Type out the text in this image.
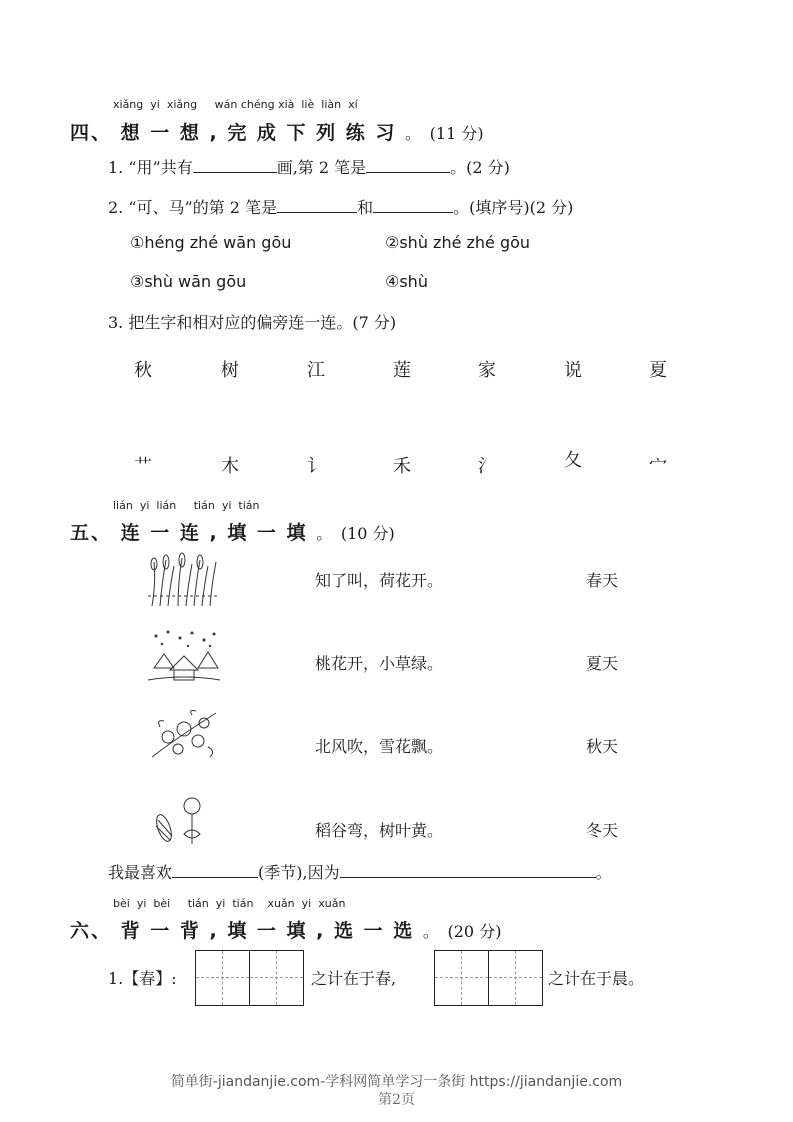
xiǎng yi xiǎng wán chéng xià liè liàn xí
四、 想 一 想 , 完 成 下 列 练 习 。 (11 分)
1. “用”共有	画,第 2 笔是	。(2 分)
2. “可、马”的第 2 笔是	和	。(填序号)(2 分)
①héng zhé wān gōu	②shù zhé zhé gōu
③shù wān gōu	④shù
3. 把生字和相对应的偏旁连一连。(7 分)
秋	树	江	莲	家	说	夏
艹	木	讠	禾	氵	夂	宀
lián yi lián tián yi tián
五、 连 一 连 , 填 一 填 。 (10 分)
知了叫，荷花开。
桃花开，小草绿。
北风吹，雪花飘。
稻谷弯，树叶黄。
春天
夏天
秋天
冬天
我最喜欢	(季节),因为	。
bèi yi bèi tián yi tián xuǎn yi xuǎn
六、 背 一 背 , 填 一 填 , 选 一 选 。 (20 分)
1.【春】:	之计在于春,	之计在于晨。
简单街-jiandanjie.com-学科网简单学习一条街 https://jiandanjie.com
第2页
